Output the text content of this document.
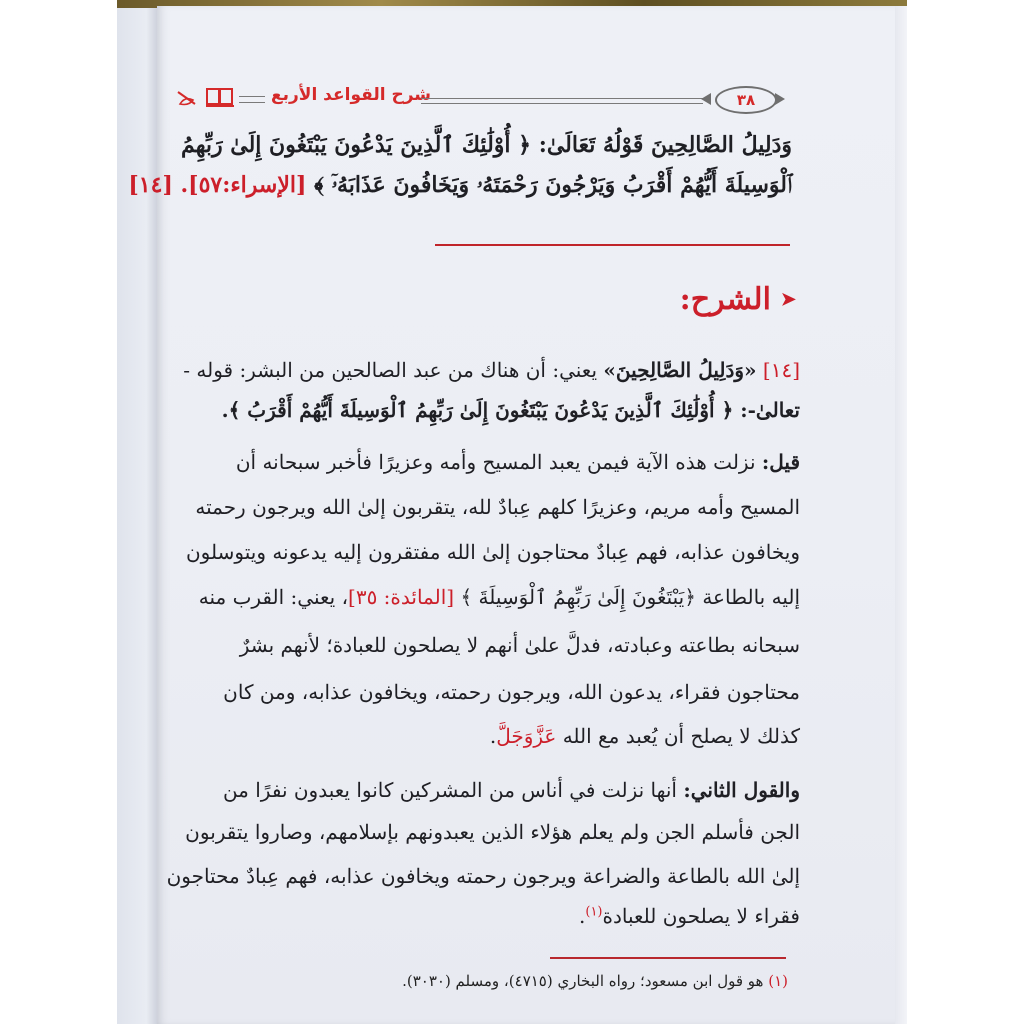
شرح القواعد الأربع	٣٨
وَدَلِيلُ الصَّالِحِينَ قَوْلُهُ تَعَالَىٰ: ﴿ أُوْلَٰئِكَ ٱلَّذِينَ يَدْعُونَ يَبْتَغُونَ إِلَىٰ رَبِّهِمُ
ٱلْوَسِيلَةَ أَيُّهُمْ أَقْرَبُ وَيَرْجُونَ رَحْمَتَهُۥ وَيَخَافُونَ عَذَابَهُۥٓ ﴾ [الإسراء:٥٧]. [١٤]
➤
الشرح:
[١٤] «وَدَلِيلُ الصَّالِحِينَ» يعني: أن هناك من عبد الصالحين من البشر: قوله -
تعالىٰ-: ﴿ أُوْلَٰئِكَ ٱلَّذِينَ يَدْعُونَ يَبْتَغُونَ إِلَىٰ رَبِّهِمُ ٱلْوَسِيلَةَ أَيُّهُمْ أَقْرَبُ ﴾.
قيل: نزلت هذه الآية فيمن يعبد المسيح وأمه وعزيرًا فأخبر سبحانه أن
المسيح وأمه مريم، وعزيرًا كلهم عِبادٌ لله، يتقربون إلىٰ الله ويرجون رحمته
ويخافون عذابه، فهم عِبادٌ محتاجون إلىٰ الله مفتقرون إليه يدعونه ويتوسلون
إليه بالطاعة ﴿يَبْتَغُونَ إِلَىٰ رَبِّهِمُ ٱلْوَسِيلَةَ ﴾ [المائدة: ٣٥]، يعني: القرب منه
سبحانه بطاعته وعبادته، فدلَّ علىٰ أنهم لا يصلحون للعبادة؛ لأنهم بشرٌ
محتاجون فقراء، يدعون الله، ويرجون رحمته، ويخافون عذابه، ومن كان
كذلك لا يصلح أن يُعبد مع الله عَزَّوَجَلَّ.
والقول الثاني: أنها نزلت في أناس من المشركين كانوا يعبدون نفرًا من
الجن فأسلم الجن ولم يعلم هؤلاء الذين يعبدونهم بإسلامهم، وصاروا يتقربون
إلىٰ الله بالطاعة والضراعة ويرجون رحمته ويخافون عذابه، فهم عِبادٌ محتاجون
فقراء لا يصلحون للعبادة$^{(١)}$.
(١) هو قول ابن مسعود؛ رواه البخاري (٤٧١٥)، ومسلم (٣٠٣٠).
